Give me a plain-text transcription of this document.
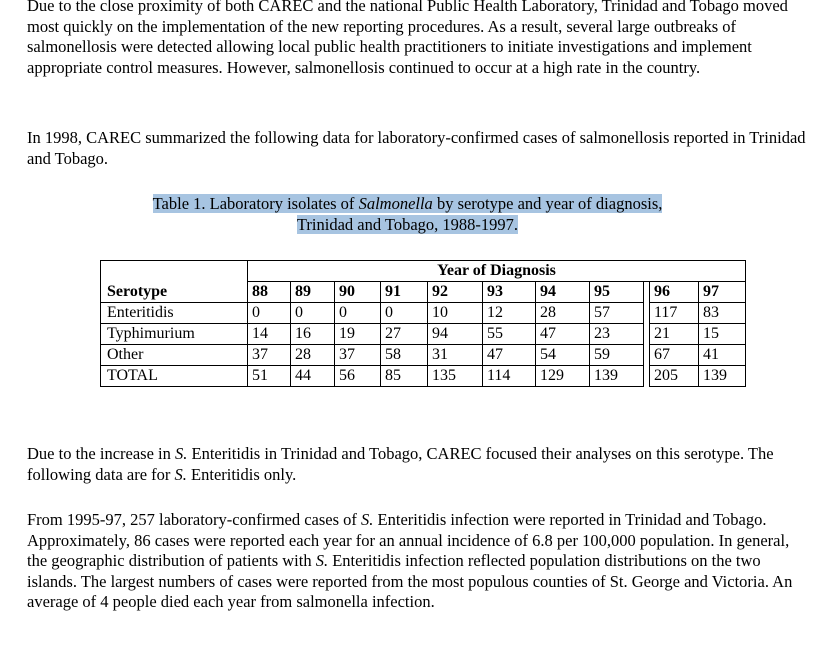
Due to the close proximity of both CAREC and the national Public Health Laboratory, Trinidad and Tobago moved most quickly on the implementation of the new reporting procedures. As a result, several large outbreaks of salmonellosis were detected allowing local public health practitioners to initiate investigations and implement appropriate control measures. However, salmonellosis continued to occur at a high rate in the country.

In 1998, CAREC summarized the following data for laboratory-confirmed cases of salmonellosis reported in Trinidad and Tobago.

Table 1. Laboratory isolates of Salmonella by serotype and year of diagnosis,
Trinidad and Tobago, 1988-1997.
	Year of Diagnosis										
Serotype	88	89	90	91	92	93	94	95		96	97
Enteritidis	0	0	0	0	10	12	28	57		117	83
Typhimurium	14	16	19	27	94	55	47	23		21	15
Other	37	28	37	58	31	47	54	59		67	41
TOTAL	51	44	56	85	135	114	129	139		205	139

Due to the increase in S. Enteritidis in Trinidad and Tobago, CAREC focused their analyses on this serotype. The following data are for S. Enteritidis only.

From 1995-97, 257 laboratory-confirmed cases of S. Enteritidis infection were reported in Trinidad and Tobago. Approximately, 86 cases were reported each year for an annual incidence of 6.8 per 100,000 population. In general, the geographic distribution of patients with S. Enteritidis infection reflected population distributions on the two islands. The largest numbers of cases were reported from the most populous counties of St. George and Victoria. An average of 4 people died each year from salmonella infection.
